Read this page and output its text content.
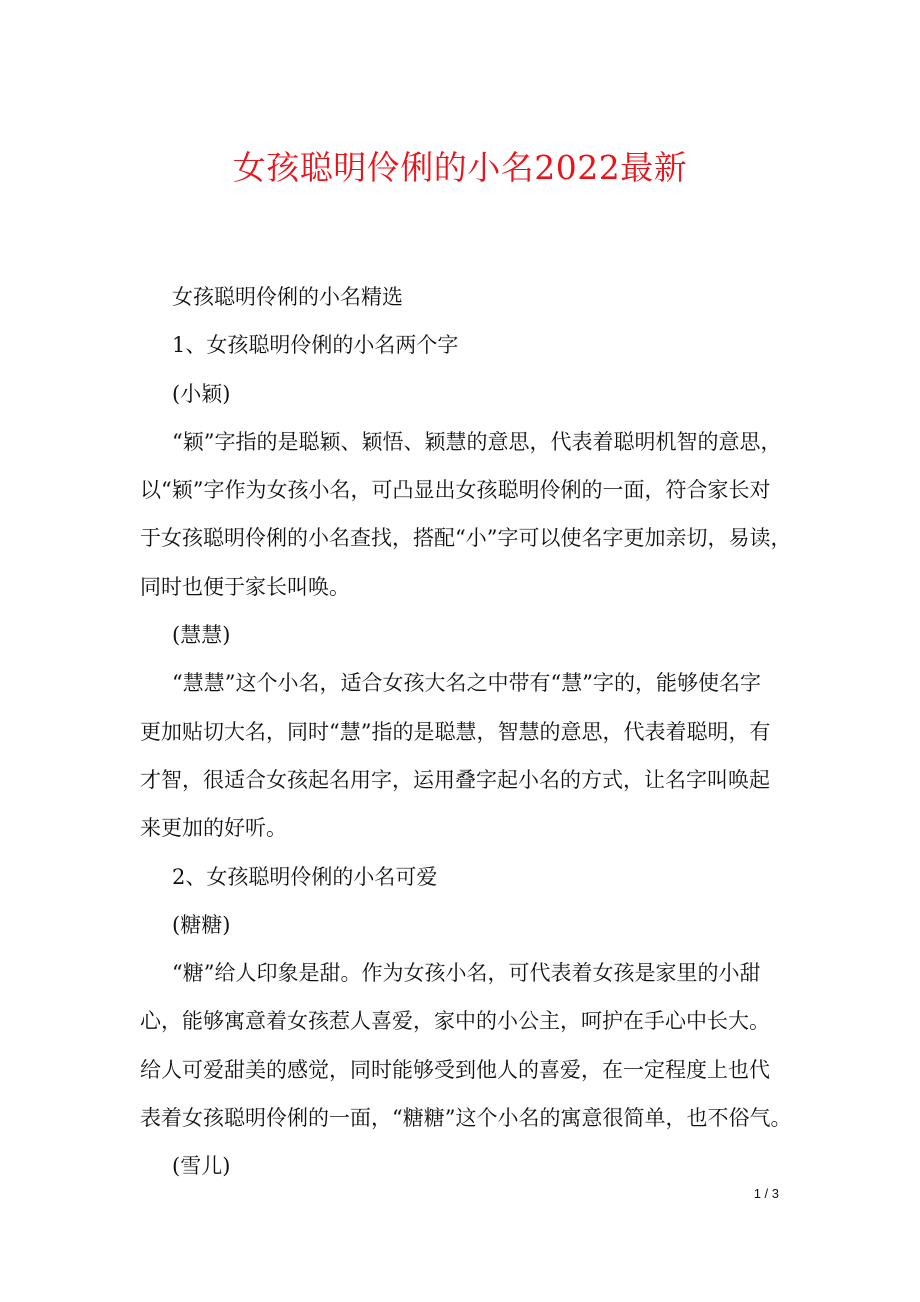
女孩聪明伶俐的小名2022最新
女孩聪明伶俐的小名精选
1、女孩聪明伶俐的小名两个字
(小颖)
“颖”字指的是聪颖、颖悟、颖慧的意思，代表着聪明机智的意思，
以“颖”字作为女孩小名，可凸显出女孩聪明伶俐的一面，符合家长对
于女孩聪明伶俐的小名查找，搭配“小”字可以使名字更加亲切，易读，
同时也便于家长叫唤。
(慧慧)
“慧慧”这个小名，适合女孩大名之中带有“慧”字的，能够使名字
更加贴切大名，同时“慧”指的是聪慧，智慧的意思，代表着聪明，有
才智，很适合女孩起名用字，运用叠字起小名的方式，让名字叫唤起
来更加的好听。
2、女孩聪明伶俐的小名可爱
(糖糖)
“糖”给人印象是甜。作为女孩小名，可代表着女孩是家里的小甜
心，能够寓意着女孩惹人喜爱，家中的小公主，呵护在手心中长大。
给人可爱甜美的感觉，同时能够受到他人的喜爱，在一定程度上也代
表着女孩聪明伶俐的一面，“糖糖”这个小名的寓意很简单，也不俗气。
(雪儿)
1 / 3
